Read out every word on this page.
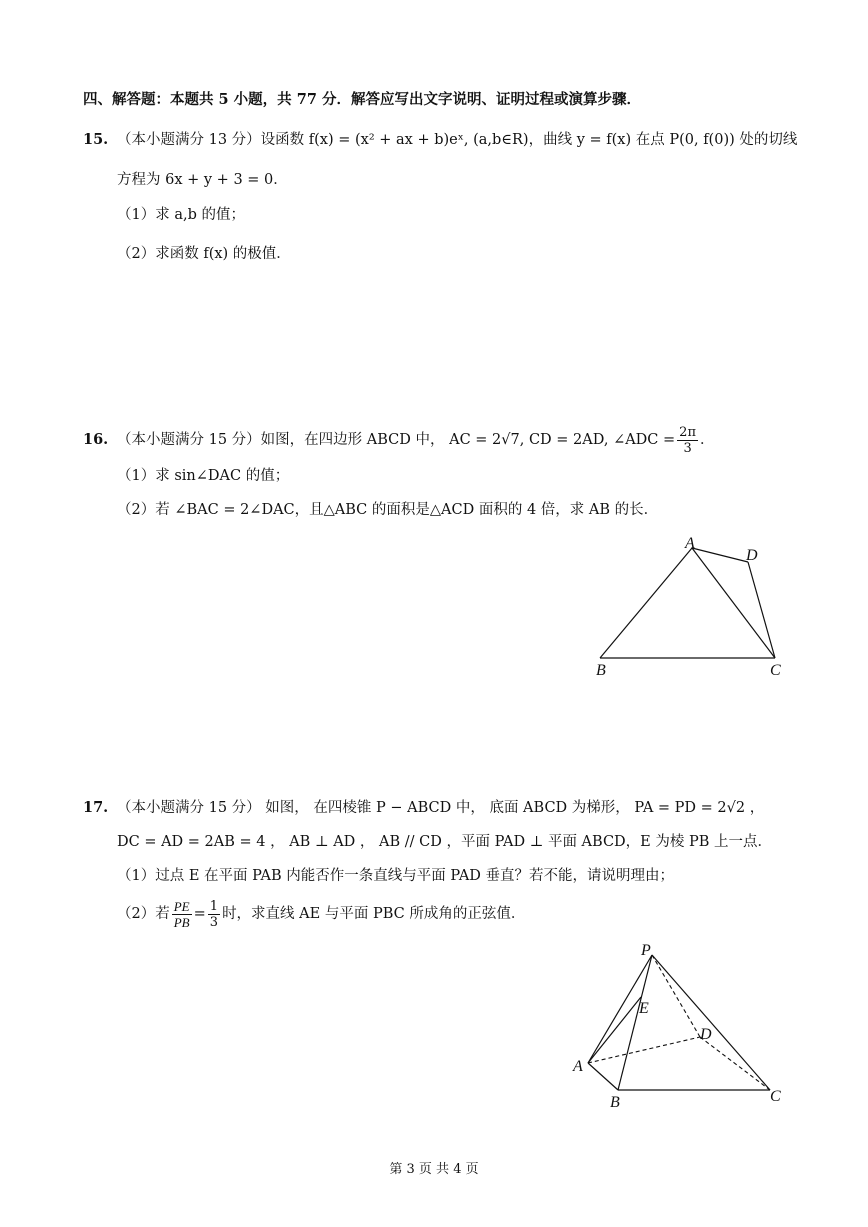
四、解答题：本题共 5 小题，共 77 分．解答应写出文字说明、证明过程或演算步骤．
15. （本小题满分 13 分）设函数 f(x) = (x² + ax + b)eˣ, (a,b∈R)，曲线 y = f(x) 在点 P(0, f(0)) 处的切线
方程为 6x + y + 3 = 0．
（1）求 a,b 的值；
（2）求函数 f(x) 的极值．
16. （本小题满分 15 分）如图，在四边形 ABCD 中， AC = 2√7, CD = 2AD, ∠ADC = $\frac{2\pi}{3}$ ．
（1）求 sin∠DAC 的值；
（2）若 ∠BAC = 2∠DAC，且△ABC 的面积是△ACD 面积的 4 倍，求 AB 的长．
A
D
B	C
17. （本小题满分 15 分） 如图， 在四棱锥 P − ABCD 中， 底面 ABCD 为梯形， PA = PD = 2√2 ，
DC = AD = 2AB = 4 ， AB ⊥ AD ， AB // CD ，平面 PAD ⊥ 平面 ABCD，E 为棱 PB 上一点．
（1）过点 E 在平面 PAB 内能否作一条直线与平面 PAD 垂直？若不能，请说明理由；
（2）若 $\frac{PE}{PB} = \frac{1}{3}$ 时，求直线 AE 与平面 PBC 所成角的正弦值．
P
E
D
A
B	C
第 3 页 共 4 页
